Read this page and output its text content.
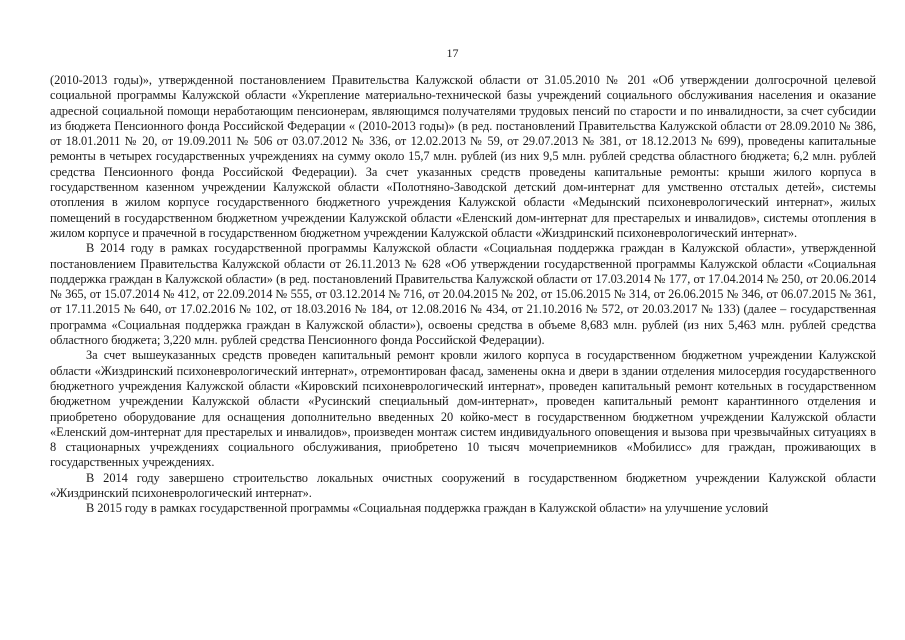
17

(2010-2013 годы)», утвержденной постановлением Правительства Калужской области от 31.05.2010 № 201 «Об утверждении долгосрочной целевой социальной программы Калужской области «Укрепление материально-технической базы учреждений социального обслуживания населения и оказание адресной социальной помощи неработающим пенсионерам, являющимся получателями трудовых пенсий по старости и по инвалидности, за счет субсидии из бюджета Пенсионного фонда Российской Федерации « (2010-2013 годы)» (в ред. постановлений Правительства Калужской области от 28.09.2010 № 386, от 18.01.2011 № 20, от 19.09.2011 № 506 от 03.07.2012 № 336, от 12.02.2013 № 59, от 29.07.2013 № 381, от 18.12.2013 № 699), проведены капитальные ремонты в четырех государственных учреждениях на сумму около 15,7 млн. рублей (из них 9,5 млн. рублей средства областного бюджета; 6,2 млн. рублей средства Пенсионного фонда Российской Федерации). За счет указанных средств проведены капитальные ремонты: крыши жилого корпуса в государственном казенном учреждении Калужской области «Полотняно-Заводской детский дом-интернат для умственно отсталых детей», системы отопления в жилом корпусе государственного бюджетного учреждения Калужской области «Медынский психоневрологический интернат», жилых помещений в государственном бюджетном учреждении Калужской области «Еленский дом-интернат для престарелых и инвалидов», системы отопления в жилом корпусе и прачечной в государственном бюджетном учреждении Калужской области «Жиздринский психоневрологический интернат».

В 2014 году в рамках государственной программы Калужской области «Социальная поддержка граждан в Калужской области», утвержденной постановлением Правительства Калужской области от 26.11.2013 № 628 «Об утверждении государственной программы Калужской области «Социальная поддержка граждан в Калужской области» (в ред. постановлений Правительства Калужской области от 17.03.2014 № 177, от 17.04.2014 № 250, от 20.06.2014 № 365, от 15.07.2014 № 412, от 22.09.2014 № 555, от 03.12.2014 № 716, от 20.04.2015 № 202, от 15.06.2015 № 314, от 26.06.2015 № 346, от 06.07.2015 № 361, от 17.11.2015 № 640, от 17.02.2016 № 102, от 18.03.2016 № 184, от 12.08.2016 № 434, от 21.10.2016 № 572, от 20.03.2017 № 133) (далее – государственная программа «Социальная поддержка граждан в Калужской области»), освоены средства в объеме 8,683 млн. рублей (из них 5,463 млн. рублей средства областного бюджета; 3,220 млн. рублей средства Пенсионного фонда Российской Федерации).

За счет вышеуказанных средств проведен капитальный ремонт кровли жилого корпуса в государственном бюджетном учреждении Калужской области «Жиздринский психоневрологический интернат», отремонтирован фасад, заменены окна и двери в здании отделения милосердия государственного бюджетного учреждения Калужской области «Кировский психоневрологический интернат», проведен капитальный ремонт котельных в государственном бюджетном учреждении Калужской области «Русинский специальный дом-интернат», проведен капитальный ремонт карантинного отделения и приобретено оборудование для оснащения дополнительно введенных 20 койко-мест в государственном бюджетном учреждении Калужской области «Еленский дом-интернат для престарелых и инвалидов», произведен монтаж систем индивидуального оповещения и вызова при чрезвычайных ситуациях в 8 стационарных учреждениях социального обслуживания, приобретено 10 тысяч мочеприемников «Мобилисс» для граждан, проживающих в государственных учреждениях.

В 2014 году завершено строительство локальных очистных сооружений в государственном бюджетном учреждении Калужской области «Жиздринский психоневрологический интернат».

В 2015 году в рамках государственной программы «Социальная поддержка граждан в Калужской области» на улучшение условий
